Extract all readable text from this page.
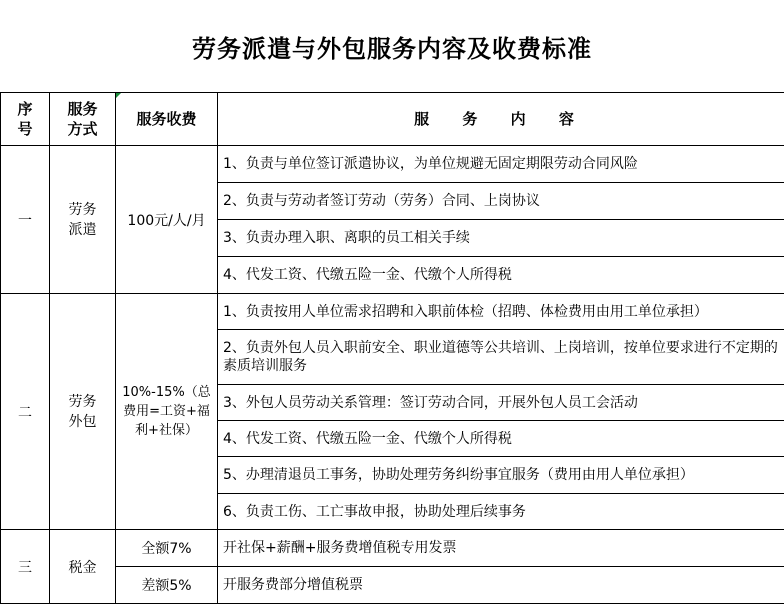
劳务派遣与外包服务内容及收费标准
序号	服务方式	服务收费	服 务 内 容
一	劳务派遣	100元/人/月	1、负责与单位签订派遣协议，为单位规避无固定期限劳动合同风险
			2、负责与劳动者签订劳动（劳务）合同、上岗协议
			3、负责办理入职、离职的员工相关手续
			4、代发工资、代缴五险一金、代缴个人所得税
二	劳务外包	10%-15%（总费用=工资+福利+社保）	1、负责按用人单位需求招聘和入职前体检（招聘、体检费用由用工单位承担）
			2、负责外包人员入职前安全、职业道德等公共培训、上岗培训，按单位要求进行不定期的素质培训服务
			3、外包人员劳动关系管理：签订劳动合同，开展外包人员工会活动
			4、代发工资、代缴五险一金、代缴个人所得税
			5、办理清退员工事务，协助处理劳务纠纷事宜服务（费用由用人单位承担）
			6、负责工伤、工亡事故申报，协助处理后续事务
三	税金	全额7%	开社保+薪酬+服务费增值税专用发票
		差额5%	开服务费部分增值税票
